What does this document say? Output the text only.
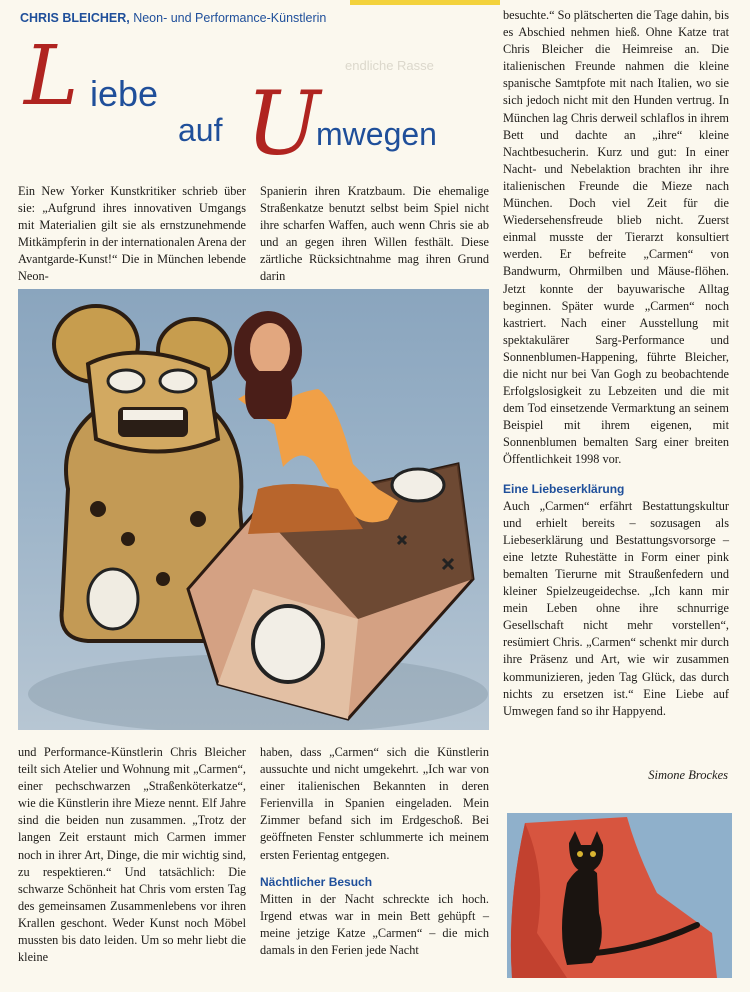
CHRIS BLEICHER, Neon- und Performance-Künstlerin
endliche Rasse
L iebe
auf U
mwegen

Ein New Yorker Kunstkritiker schrieb über sie: „Aufgrund ihres innovativen Umgangs mit Materialien gilt sie als ernstzunehmende Mitkämpferin in der internationalen Arena der Avantgarde-Kunst!“ Die in München lebende Neon-

Spanierin ihren Kratzbaum. Die ehemalige Straßenkatze benutzt selbst beim Spiel nicht ihre scharfen Waffen, auch wenn Chris sie ab und an gegen ihren Willen festhält. Diese zärtliche Rücksichtnahme mag ihren Grund darin

und Performance-Künstlerin Chris Bleicher teilt sich Atelier und Wohnung mit „Carmen“, einer pechschwarzen „Straßenköterkatze“, wie die Künstlerin ihre Mieze nennt. Elf Jahre sind die beiden nun zusammen. „Trotz der langen Zeit erstaunt mich Carmen immer noch in ihrer Art, Dinge, die mir wichtig sind, zu respektieren.“ Und tatsächlich: Die schwarze Schönheit hat Chris vom ersten Tag des gemeinsamen Zusammenlebens vor ihren Krallen geschont. Weder Kunst noch Möbel mussten bis dato leiden. Um so mehr liebt die kleine

haben, dass „Carmen“ sich die Künstlerin aussuchte und nicht umgekehrt. „Ich war von einer italienischen Bekannten in deren Ferienvilla in Spanien eingeladen. Mein Zimmer befand sich im Erdgeschoß. Bei geöffneten Fenster schlummerte ich meinem ersten Ferientag entgegen.

Nächtlicher Besuch

Mitten in der Nacht schreckte ich hoch. Irgend etwas war in mein Bett gehüpft – meine jetzige Katze „Carmen“ – die mich damals in den Ferien jede Nacht

besuchte.“ So plätscherten die Tage dahin, bis es Abschied nehmen hieß. Ohne Katze trat Chris Bleicher die Heimreise an. Die italienischen Freunde nahmen die kleine spanische Samtpfote mit nach Italien, wo sie sich jedoch nicht mit den Hunden vertrug. In München lag Chris derweil schlaflos in ihrem Bett und dachte an „ihre“ kleine Nachtbesucherin. Kurz und gut: In einer Nacht- und Nebelaktion brachten ihr ihre italienischen Freunde die Mieze nach München. Doch viel Zeit für die Wiedersehensfreude blieb nicht. Zuerst einmal musste der Tierarzt konsultiert werden. Er befreite „Carmen“ von Bandwurm, Ohrmilben und Mäuse-flöhen. Jetzt konnte der bayuwarische Alltag beginnen. Später wurde „Carmen“ noch kastriert. Nach einer Ausstellung mit spektakulärer Sarg-Performance und Sonnenblumen-Happening, führte Bleicher, die nicht nur bei Van Gogh zu beobachtende Erfolgslosigkeit zu Lebzeiten und die mit dem Tod einsetzende Vermarktung an seinem Beispiel mit ihrem eigenen, mit Sonnenblumen bemalten Sarg einer breiten Öffentlichkeit 1998 vor.

Eine Liebeserklärung

Auch „Carmen“ erfährt Bestattungskultur und erhielt bereits – sozusagen als Liebeserklärung und Bestattungsvorsorge – eine letzte Ruhestätte in Form einer pink bemalten Tierurne mit Straußenfedern und kleiner Spielzeugeidechse. „Ich kann mir mein Leben ohne ihre schnurrige Gesellschaft nicht mehr vorstellen“, resümiert Chris. „Carmen“ schenkt mir durch ihre Präsenz und Art, wie wir zusammen kommunizieren, jeden Tag Glück, das durch nichts zu ersetzen ist.“ Eine Liebe auf Umwegen fand so ihr Happyend.

Simone Brockes
